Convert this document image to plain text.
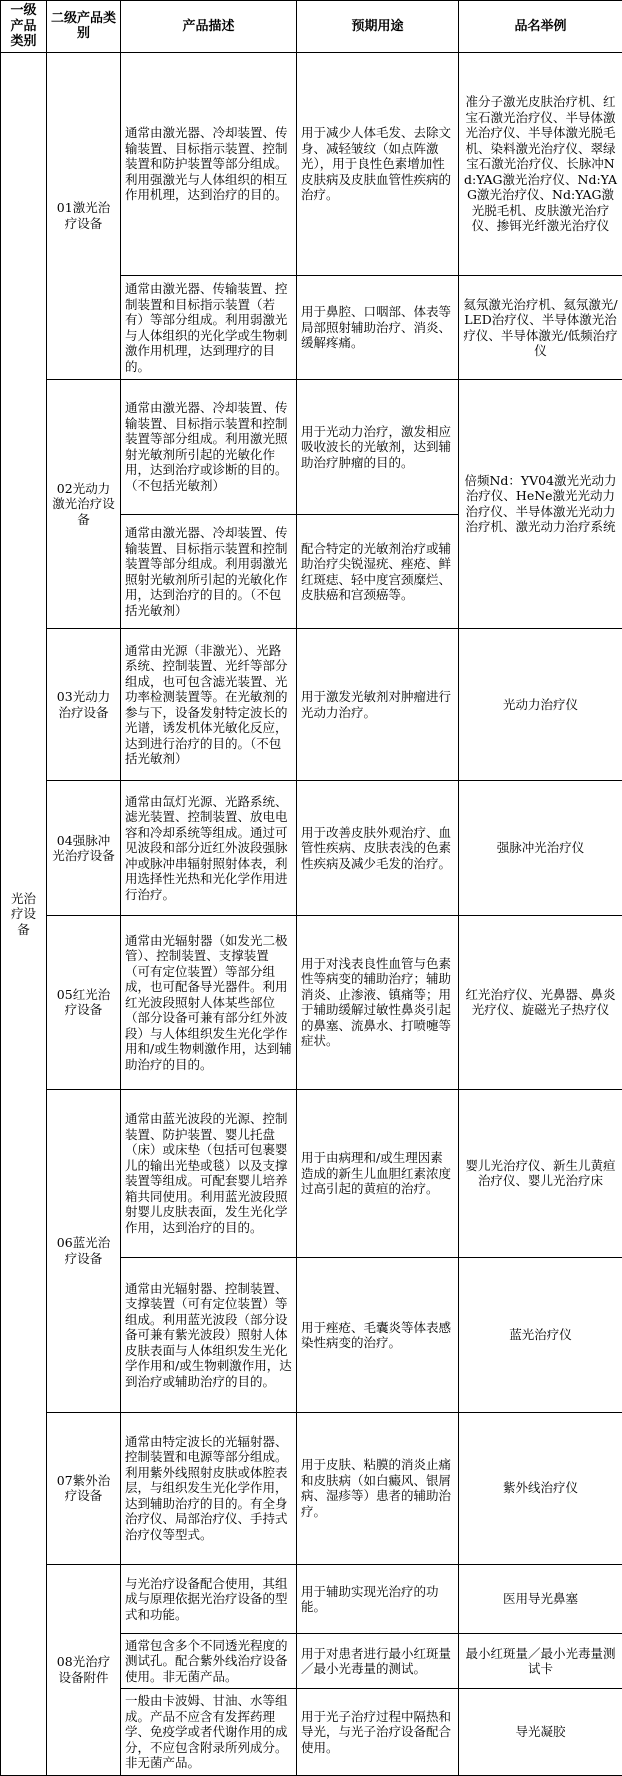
一级产品类别	二级产品类别	产品描述	预期用途	品名举例
光治疗设备	01激光治疗设备	通常由激光器、冷却装置、传输装置、目标指示装置、控制装置和防护装置等部分组成。利用强激光与人体组织的相互作用机理，达到治疗的目的。	用于减少人体毛发、去除文身、减轻皱纹（如点阵激光），用于良性色素增加性皮肤病及皮肤血管性疾病的治疗。	准分子激光皮肤治疗机、红宝石激光治疗仪、半导体激光治疗仪、半导体激光脱毛机、染料激光治疗仪、翠绿宝石激光治疗仪、长脉冲Nd:YAG激光治疗仪、Nd:YAG激光治疗仪、Nd:YAG激光脱毛机、皮肤激光治疗仪、掺铒光纤激光治疗仪
		通常由激光器、传输装置、控制装置和目标指示装置（若有）等部分组成。利用弱激光与人体组织的光化学或生物刺激作用机理，达到理疗的目的。	用于鼻腔、口咽部、体表等局部照射辅助治疗、消炎、缓解疼痛。	氦氖激光治疗机、氦氖激光/LED治疗仪、半导体激光治疗仪、半导体激光/低频治疗仪
	02光动力激光治疗设备	通常由激光器、冷却装置、传输装置、目标指示装置和控制装置等部分组成。利用激光照射光敏剂所引起的光敏化作用，达到治疗或诊断的目的。（不包括光敏剂）	用于光动力治疗，激发相应吸收波长的光敏剂，达到辅助治疗肿瘤的目的。	倍频Nd：YV04激光光动力治疗仪、HeNe激光光动力治疗仪、半导体激光光动力治疗机、激光动力治疗系统
		通常由激光器、冷却装置、传输装置、目标指示装置和控制装置等部分组成。利用弱激光照射光敏剂所引起的光敏化作用，达到治疗的目的。（不包括光敏剂）	配合特定的光敏剂治疗或辅助治疗尖锐湿疣、痤疮、鲜红斑痣、轻中度宫颈糜烂、皮肤癌和宫颈癌等。	
	03光动力治疗设备	通常由光源（非激光）、光路系统、控制装置、光纤等部分组成，也可包含滤光装置、光功率检测装置等。在光敏剂的参与下，设备发射特定波长的光谱，诱发机体光敏化反应，达到进行治疗的目的。（不包括光敏剂）	用于激发光敏剂对肿瘤进行光动力治疗。	光动力治疗仪
	04强脉冲光治疗设备	通常由氙灯光源、光路系统、滤光装置、控制装置、放电电容和冷却系统等组成。通过可见波段和部分近红外波段强脉冲或脉冲串辐射照射体表，利用选择性光热和光化学作用进行治疗。	用于改善皮肤外观治疗、血管性疾病、皮肤表浅的色素性疾病及减少毛发的治疗。	强脉冲光治疗仪
	05红光治疗设备	通常由光辐射器（如发光二极管）、控制装置、支撑装置（可有定位装置）等部分组成，也可配备导光器件。利用红光波段照射人体某些部位（部分设备可兼有部分红外波段）与人体组织发生光化学作用和/或生物刺激作用，达到辅助治疗的目的。	用于对浅表良性血管与色素性等病变的辅助治疗；辅助消炎、止渗液、镇痛等；用于辅助缓解过敏性鼻炎引起的鼻塞、流鼻水、打喷嚏等症状。	红光治疗仪、光鼻器、鼻炎光疗仪、旋磁光子热疗仪
	06蓝光治疗设备	通常由蓝光波段的光源、控制装置、防护装置、婴儿托盘（床）或床垫（包括可包裹婴儿的输出光垫或毯）以及支撑装置等组成。可配套婴儿培养箱共同使用。利用蓝光波段照射婴儿皮肤表面，发生光化学作用，达到治疗的目的。	用于由病理和/或生理因素造成的新生儿血胆红素浓度过高引起的黄疸的治疗。	婴儿光治疗仪、新生儿黄疸治疗仪、婴儿光治疗床
		通常由光辐射器、控制装置、支撑装置（可有定位装置）等组成。利用蓝光波段（部分设备可兼有紫光波段）照射人体皮肤表面与人体组织发生光化学作用和/或生物刺激作用，达到治疗或辅助治疗的目的。	用于痤疮、毛囊炎等体表感染性病变的治疗。	蓝光治疗仪
	07紫外治疗设备	通常由特定波长的光辐射器、控制装置和电源等部分组成。利用紫外线照射皮肤或体腔表层，与组织发生光化学作用，达到辅助治疗的目的。有全身治疗仪、局部治疗仪、手持式治疗仪等型式。	用于皮肤、粘膜的消炎止痛和皮肤病（如白癜风、银屑病、湿疹等）患者的辅助治疗。	紫外线治疗仪
	08光治疗设备附件	与光治疗设备配合使用，其组成与原理依据光治疗设备的型式和功能。	用于辅助实现光治疗的功能。	医用导光鼻塞
		通常包含多个不同透光程度的测试孔。配合紫外线治疗设备使用。非无菌产品。	用于对患者进行最小红斑量／最小光毒量的测试。	最小红斑量／最小光毒量测试卡
		一般由卡波姆、甘油、水等组成。产品不应含有发挥药理学、免疫学或者代谢作用的成分，不应包含附录所列成分。非无菌产品。	用于光子治疗过程中隔热和导光，与光子治疗设备配合使用。	导光凝胶
